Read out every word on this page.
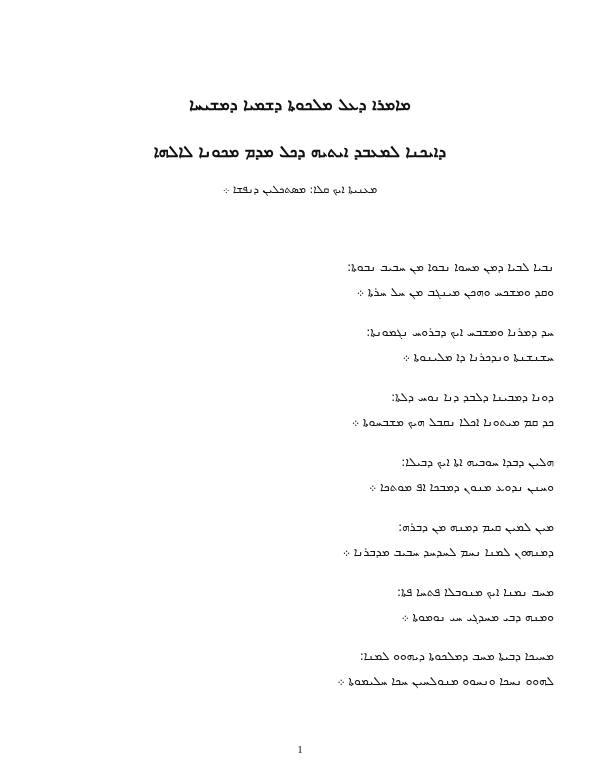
ܡܐܡܪܐ ܕܥܠ ܡܠܟܘܬܐ ܕܫܡܝܐ ܕܡܫܝܚܐ
ܕܐܝܟܢܐ ܠܡܥܒܕ ܐܝܬܝܗ ܕܟܠ ܡܕܡ ܡܟܘܢܐ ܠܐܠܗܐ
ܡܥܢܝܬܐ ܐܝܟ ܩܠܐ: ܡܣܬܟܠܝܢ ܕܢܦܫܐ ܀
ܢܒܝܐ ܠܒܝܐ ܕܡܢ ܡܚܘܐ ܢܒܘܐ ܡܢ ܚܒܝܒ ܢܒܘܬܐ:
ܘܩܕ ܘܡܫܟܚ ܘܗܟܢ ܡܝܢܓܒ ܡܢ ܚܠ ܚܪܬܐ ܀
ܚܕ ܕܡܪܢܐ ܘܡܫܒܚ ܐܝܟ ܕܒܪܘܚ ܢܓܡܘܢܬܐ:
ܚܫܢܫܢܬܐ ܘܢܕܟܪܢܐ ܕܐ ܡܠܝܢܘܬܐ ܀
ܕܘܢܐ ܕܡܒܝܢܐ ܕܠܒܕ ܕܢܐ ܢܘܚ ܕܠܬܐ:
ܟܕ ܩܡ ܡܝܬܘܢܐ ܐܟܠܐ ܢܩܒܠ ܗܝܟ ܡܫܒܚܘܬܐ ܀
ܗܠܝܢ ܕܒܕܐ ܚܘܒܝܗ ܐܬܐ ܐܝܟ ܕܒܝܠܐ:
ܘܚܢܢ ܢܕܘܥ ܡܢܘܢ ܕܡܒܟܐ ܐܦ ܡܘܬܟܐ ܀
ܡܝܢ ܠܡܝܢ ܩܝܡ ܕܡܢܗ ܡܢ ܕܒܪܗ:
ܕܡܢܗܘܢ ܠܡܢܐ ܢܚܡ ܠܚܕܚܕ ܚܒܝܒ ܡܕܒܪܢܐ ܀
ܡܚܒ ܢܡܢܐ ܐܝܟ ܡܢܘܒܠܐ ܦܬܚܐ ܦܬܐ:
ܘܡܢܗ ܕܒܝ ܡܚܕܓܝ ܚܝ ܢܘܡܘܬܐ ܀
ܡܚܝܟܐ ܕܒܝܬܐ ܡܚܒ ܕܡܠܟܘܬܐ ܕܝܗܘܘ ܠܡܢܐ:
ܠܗܘܘ ܢܚܟܐ ܘܢܚܘܘ ܡܢܘܠܚܝܢ ܚܟܐ ܚܠܝܡܘܬܐ ܀
1
